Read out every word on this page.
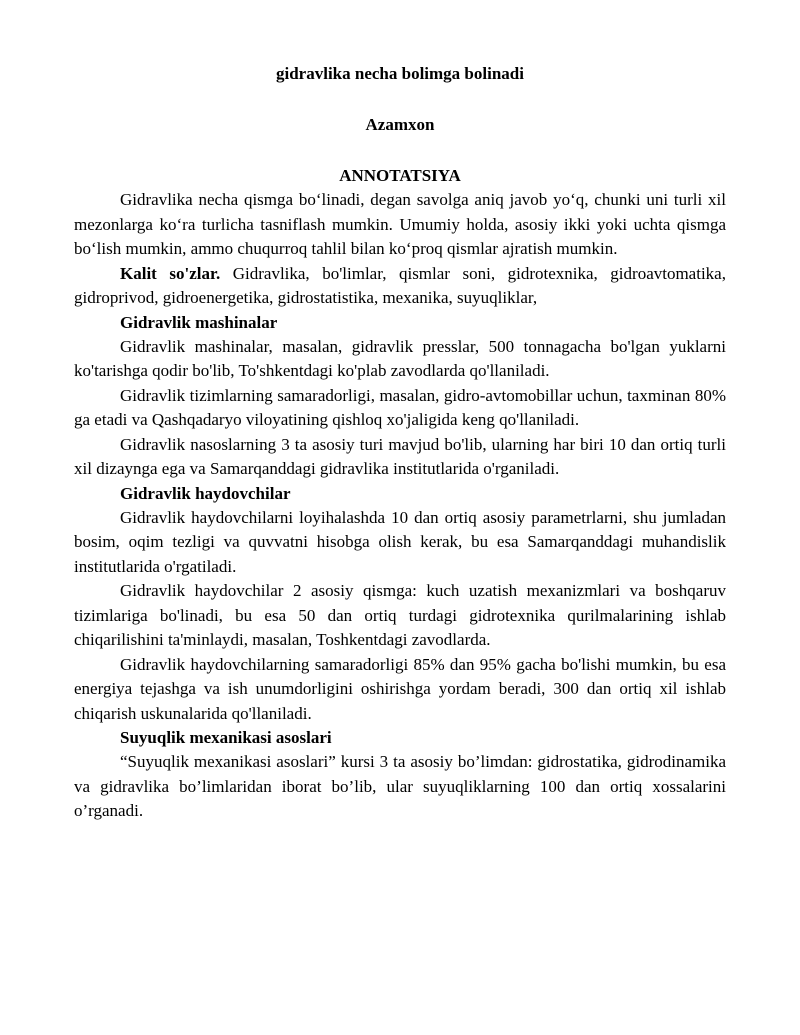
gidravlika necha bolimga bolinadi

Azamxon

ANNOTATSIYA

Gidravlika necha qismga bo‘linadi, degan savolga aniq javob yo‘q, chunki uni turli xil mezonlarga ko‘ra turlicha tasniflash mumkin. Umumiy holda, asosiy ikki yoki uchta qismga bo‘lish mumkin, ammo chuqurroq tahlil bilan ko‘proq qismlar ajratish mumkin.

Kalit so'zlar. Gidravlika, bo'limlar, qismlar soni, gidrotexnika, gidroavtomatika, gidroprivod, gidroenergetika, gidrostatistika, mexanika, suyuqliklar,

Gidravlik mashinalar

Gidravlik mashinalar, masalan, gidravlik presslar, 500 tonnagacha bo'lgan yuklarni ko'tarishga qodir bo'lib, To'shkentdagi ko'plab zavodlarda qo'llaniladi.

Gidravlik tizimlarning samaradorligi, masalan, gidro-avtomobillar uchun, taxminan 80% ga etadi va Qashqadaryo viloyatining qishloq xo'jaligida keng qo'llaniladi.

Gidravlik nasoslarning 3 ta asosiy turi mavjud bo'lib, ularning har biri 10 dan ortiq turli xil dizaynga ega va Samarqanddagi gidravlika institutlarida o'rganiladi.

Gidravlik haydovchilar

Gidravlik haydovchilarni loyihalashda 10 dan ortiq asosiy parametrlarni, shu jumladan bosim, oqim tezligi va quvvatni hisobga olish kerak, bu esa Samarqanddagi muhandislik institutlarida o'rgatiladi.

Gidravlik haydovchilar 2 asosiy qismga: kuch uzatish mexanizmlari va boshqaruv tizimlariga bo'linadi, bu esa 50 dan ortiq turdagi gidrotexnika qurilmalarining ishlab chiqarilishini ta'minlaydi, masalan, Toshkentdagi zavodlarda.

Gidravlik haydovchilarning samaradorligi 85% dan 95% gacha bo'lishi mumkin, bu esa energiya tejashga va ish unumdorligini oshirishga yordam beradi, 300 dan ortiq xil ishlab chiqarish uskunalarida qo'llaniladi.

Suyuqlik mexanikasi asoslari

“Suyuqlik mexanikasi asoslari” kursi 3 ta asosiy bo’limdan: gidrostatika, gidrodinamika va gidravlika bo’limlaridan iborat bo’lib, ular suyuqliklarning 100 dan ortiq xossalarini o’rganadi.
